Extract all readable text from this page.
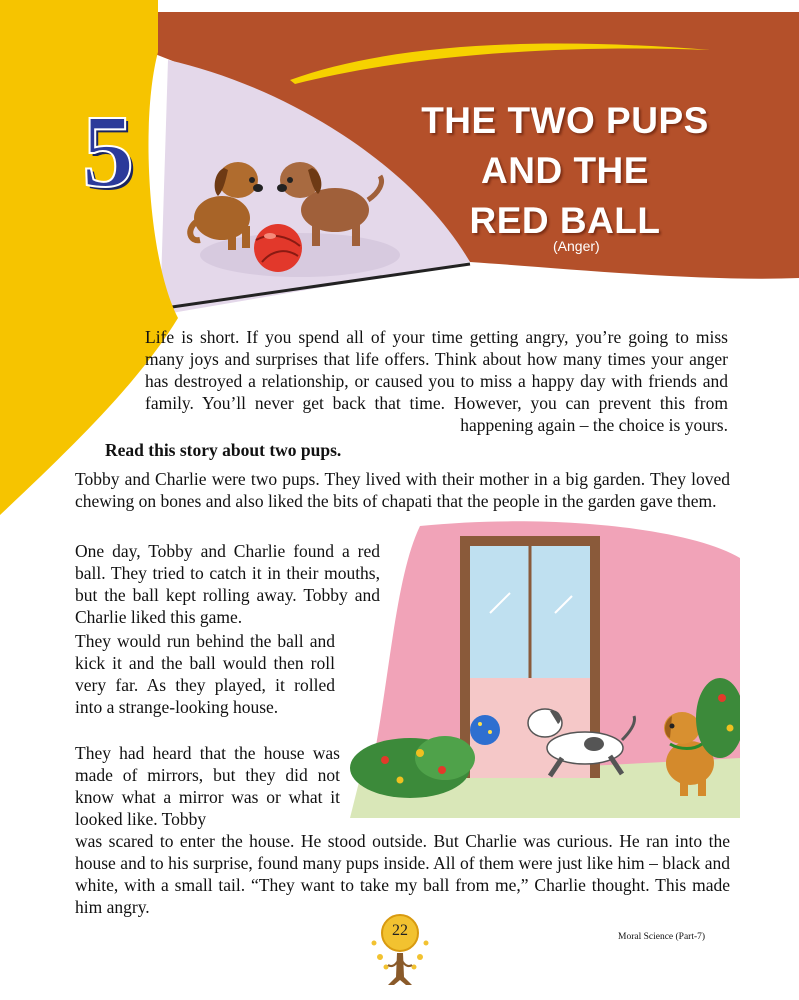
5	THE TWO PUPS
AND THE
RED BALL
(Anger)

Life is short. If you spend all of your time getting angry, you’re going to miss many joys and surprises that life offers. Think about how many times your anger has destroyed a relationship, or caused you to miss a happy day with friends and family. You’ll never get back that time. However, you can prevent this from happening again – the choice is yours.

Read this story about two pups.

Tobby and Charlie were two pups. They lived with their mother in a big garden. They loved chewing on bones and also liked the bits of chapati that the people in the garden gave them.

One day, Tobby and Charlie found a red ball. They tried to catch it in their mouths, but the ball kept rolling away. Tobby and Charlie liked this game.

They would run behind the ball and kick it and the ball would then roll very far. As they played, it rolled into a strange-looking house.

They had heard that the house was made of mirrors, but they did not know what a mirror was or what it looked like. Tobby

was scared to enter the house. He stood outside. But Charlie was curious. He ran into the house and to his surprise, found many pups inside. All of them were just like him – black and white, with a small tail. “They want to take my ball from me,” Charlie thought. This made him angry.

22	Moral Science (Part-7)
